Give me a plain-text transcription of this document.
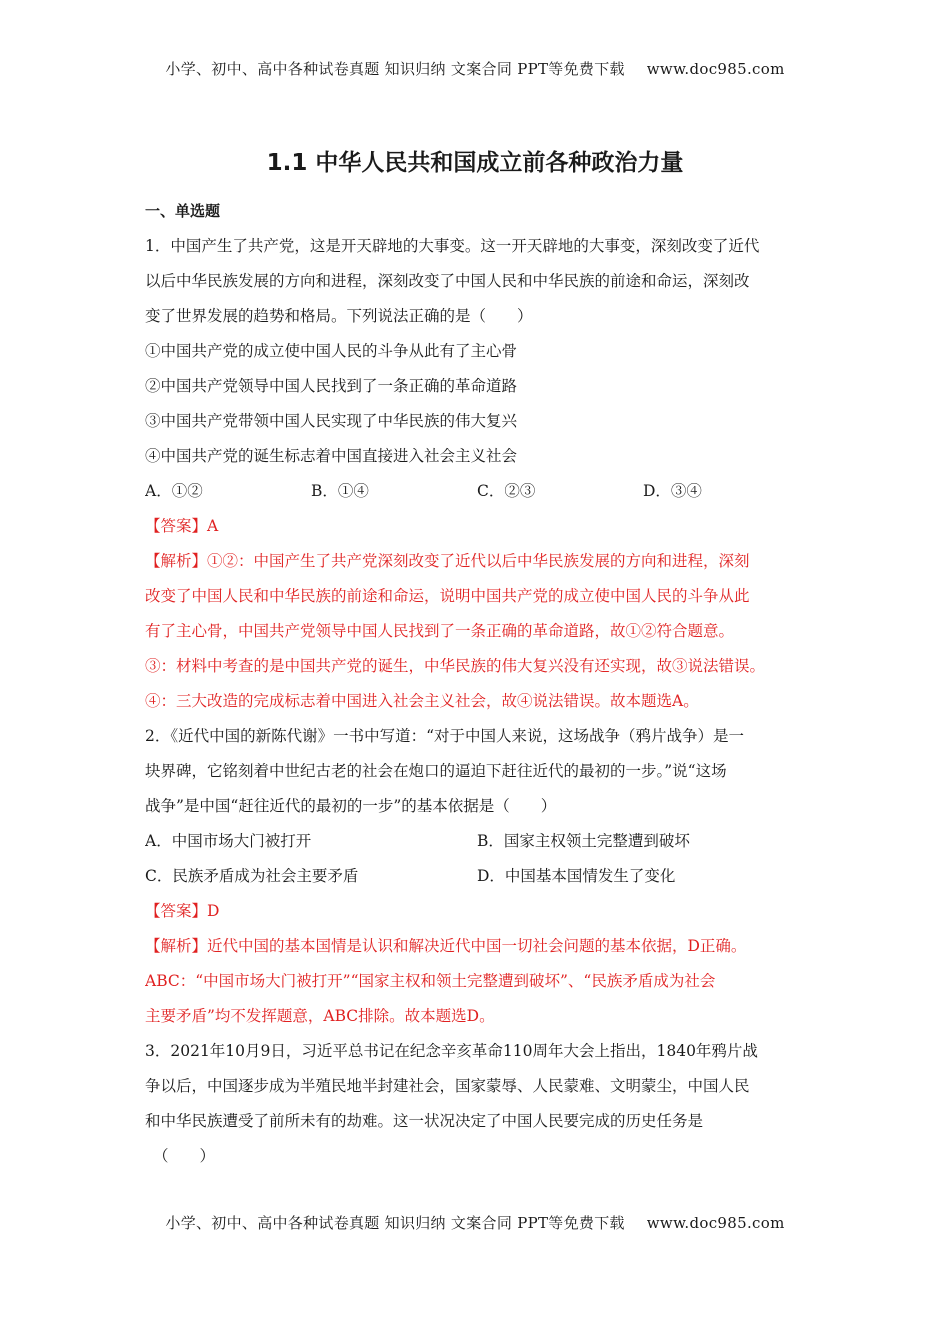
小学、初中、高中各种试卷真题 知识归纳 文案合同 PPT等免费下载 www.doc985.com
1.1 中华人民共和国成立前各种政治力量
一、单选题
1．中国产生了共产党，这是开天辟地的大事变。这一开天辟地的大事变，深刻改变了近代
以后中华民族发展的方向和进程，深刻改变了中国人民和中华民族的前途和命运，深刻改
变了世界发展的趋势和格局。下列说法正确的是（　　）
①中国共产党的成立使中国人民的斗争从此有了主心骨
②中国共产党领导中国人民找到了一条正确的革命道路
③中国共产党带领中国人民实现了中华民族的伟大复兴
④中国共产党的诞生标志着中国直接进入社会主义社会
A．①②	B．①④	C．②③	D．③④
【答案】A
【解析】①②：中国产生了共产党深刻改变了近代以后中华民族发展的方向和进程，深刻
改变了中国人民和中华民族的前途和命运，说明中国共产党的成立使中国人民的斗争从此
有了主心骨，中国共产党领导中国人民找到了一条正确的革命道路，故①②符合题意。
③：材料中考查的是中国共产党的诞生，中华民族的伟大复兴没有还实现，故③说法错误。
④：三大改造的完成标志着中国进入社会主义社会，故④说法错误。故本题选A。
2．《近代中国的新陈代谢》一书中写道：“对于中国人来说，这场战争（鸦片战争）是一
块界碑，它铭刻着中世纪古老的社会在炮口的逼迫下赶往近代的最初的一步。”说“这场
战争”是中国“赶往近代的最初的一步”的基本依据是（　　）
A．中国市场大门被打开	B．国家主权领土完整遭到破坏
C．民族矛盾成为社会主要矛盾	D．中国基本国情发生了变化
【答案】D
【解析】近代中国的基本国情是认识和解决近代中国一切社会问题的基本依据，D正确。
ABC：“中国市场大门被打开”“国家主权和领土完整遭到破坏”、“民族矛盾成为社会
主要矛盾”均不发挥题意，ABC排除。故本题选D。
3．2021年10月9日，习近平总书记在纪念辛亥革命110周年大会上指出，1840年鸦片战
争以后，中国逐步成为半殖民地半封建社会，国家蒙辱、人民蒙难、文明蒙尘，中国人民
和中华民族遭受了前所未有的劫难。这一状况决定了中国人民要完成的历史任务是
（　　）
小学、初中、高中各种试卷真题 知识归纳 文案合同 PPT等免费下载 www.doc985.com
